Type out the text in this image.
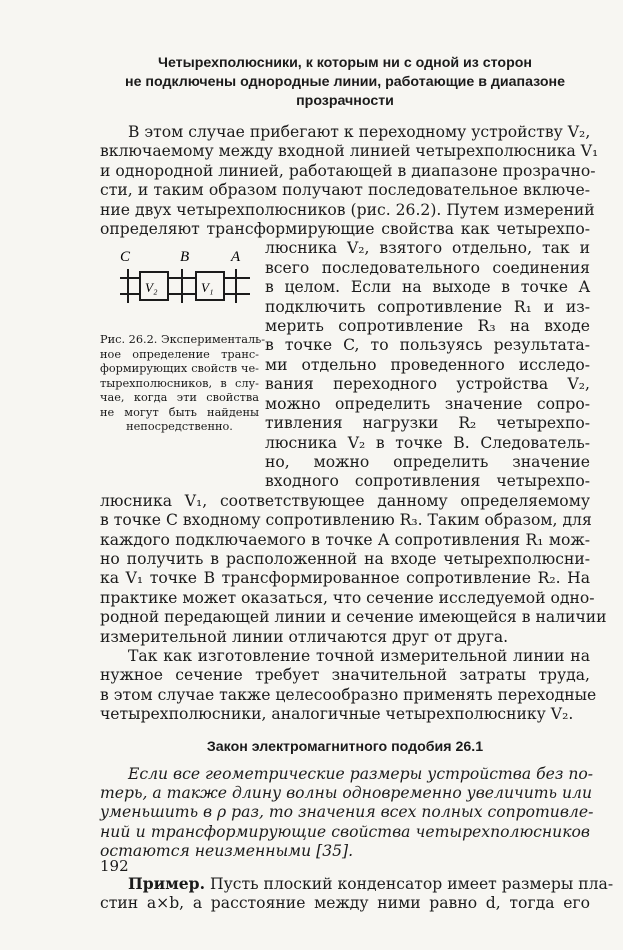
Четырехполюсники, к которым ни с одной из сторон
не подключены однородные линии, работающие в диапазоне
прозрачности

В этом случае прибегают к переходному устройству V₂,
включаемому между входной линией четырехполюсника V₁
и однородной линией, работающей в диапазоне прозрачно-
сти, и таким образом получают последовательное включе-
ние двух четырехполюсников (рис. 26.2). Путем измерений
определяют трансформирующие свойства как четырехпо-

C	B	A
V₂	V₁

Рис. 26.2. Эксперименталь-
ное определение транс-
формирующих свойств че-
тырехполюсников, в слу-
чае, когда эти свойства
не могут быть найдены
непосредственно.

люсника V₂, взятого отдельно, так и
всего последовательного соединения
в целом. Если на выходе в точке A
подключить сопротивление R₁ и из-
мерить сопротивление R₃ на входе
в точке C, то пользуясь результата-
ми отдельно проведенного исследо-
вания переходного устройства V₂,
можно определить значение сопро-
тивления нагрузки R₂ четырехпо-
люсника V₂ в точке B. Следователь-
но, можно определить значение
входного сопротивления четырехпо-

люсника V₁, соответствующее данному определяемому
в точке C входному сопротивлению R₃. Таким образом, для
каждого подключаемого в точке A сопротивления R₁ мож-
но получить в расположенной на входе четырехполюсни-
ка V₁ точке B трансформированное сопротивление R₂. На
практике может оказаться, что сечение исследуемой одно-
родной передающей линии и сечение имеющейся в наличии
измерительной линии отличаются друг от друга.

Так как изготовление точной измерительной линии на
нужное сечение требует значительной затраты труда,
в этом случае также целесообразно применять переходные
четырехполюсники, аналогичные четырехполюснику V₂.

Закон электромагнитного подобия 26.1

Если все геометрические размеры устройства без по-
терь, а также длину волны одновременно увеличить или
уменьшить в ρ раз, то значения всех полных сопротивле-
ний и трансформирующие свойства четырехполюсников
остаются неизменными [35].

Пример. Пусть плоский конденсатор имеет размеры пла-
стин a×b, а расстояние между ними равно d, тогда его

192
